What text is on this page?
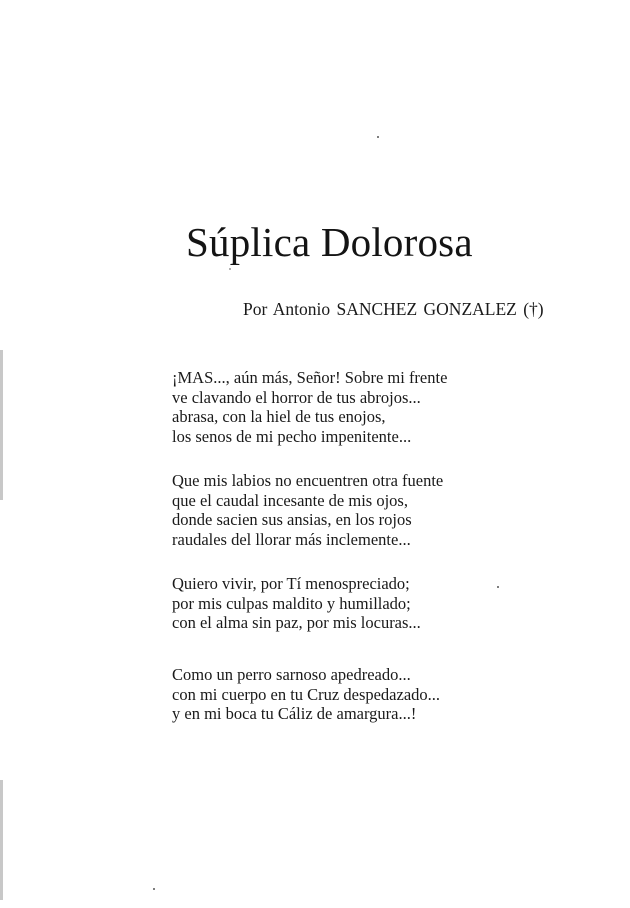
Súplica Dolorosa
Por Antonio SANCHEZ GONZALEZ (†)
¡MAS..., aún más, Señor! Sobre mi frente
ve clavando el horror de tus abrojos...
abrasa, con la hiel de tus enojos,
los senos de mi pecho impenitente...
Que mis labios no encuentren otra fuente
que el caudal incesante de mis ojos,
donde sacien sus ansias, en los rojos
raudales del llorar más inclemente...
Quiero vivir, por Tí menospreciado;
por mis culpas maldito y humillado;
con el alma sin paz, por mis locuras...
Como un perro sarnoso apedreado...
con mi cuerpo en tu Cruz despedazado...
y en mi boca tu Cáliz de amargura...!
